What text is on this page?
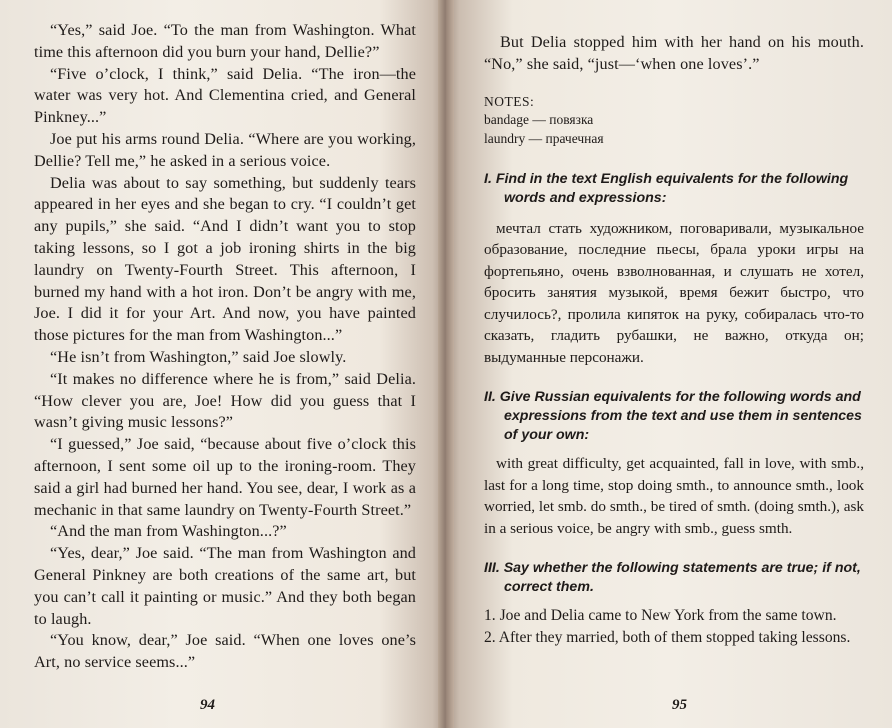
“Yes,” said Joe. “To the man from Washington. What time this afternoon did you burn your hand, Dellie?”

“Five o’clock, I think,” said Delia. “The iron—the water was very hot. And Clementina cried, and General Pinkney...”

Joe put his arms round Delia. “Where are you working, Dellie? Tell me,” he asked in a serious voice.

Delia was about to say something, but suddenly tears appeared in her eyes and she began to cry. “I couldn’t get any pupils,” she said. “And I didn’t want you to stop taking lessons, so I got a job ironing shirts in the big laundry on Twenty-Fourth Street. This afternoon, I burned my hand with a hot iron. Don’t be angry with me, Joe. I did it for your Art. And now, you have painted those pictures for the man from Washington...”

“He isn’t from Washington,” said Joe slowly.

“It makes no difference where he is from,” said Delia. “How clever you are, Joe! How did you guess that I wasn’t giving music lessons?”

“I guessed,” Joe said, “because about five o’clock this afternoon, I sent some oil up to the ironing-room. They said a girl had burned her hand. You see, dear, I work as a mechanic in that same laundry on Twenty-Fourth Street.”

“And the man from Washington...?”

“Yes, dear,” Joe said. “The man from Washington and General Pinkney are both creations of the same art, but you can’t call it painting or music.” And they both began to laugh.

“You know, dear,” Joe said. “When one loves one’s Art, no service seems...”

But Delia stopped him with her hand on his mouth. “No,” she said, “just—‘when one loves’.”

NOTES:

bandage — повязка

laundry — прачечная

I. Find in the text English equivalents for the following words and expressions:

мечтал стать художником, поговаривали, музыкальное образование, последние пьесы, брала уроки игры на фортепьяно, очень взволнованная, и слушать не хотел, бросить занятия музыкой, время бежит быстро, что случилось?, пролила кипяток на руку, собиралась что-то сказать, гладить рубашки, не важно, откуда он; выдуманные персонажи.

II. Give Russian equivalents for the following words and expressions from the text and use them in sentences of your own:

with great difficulty, get acquainted, fall in love, with smb., last for a long time, stop doing smth., to announce smth., look worried, let smb. do smth., be tired of smth. (doing smth.), ask in a serious voice, be angry with smb., guess smth.

III. Say whether the following statements are true; if not, correct them.

1. Joe and Delia came to New York from the same town.

2. After they married, both of them stopped taking lessons.

94	95
